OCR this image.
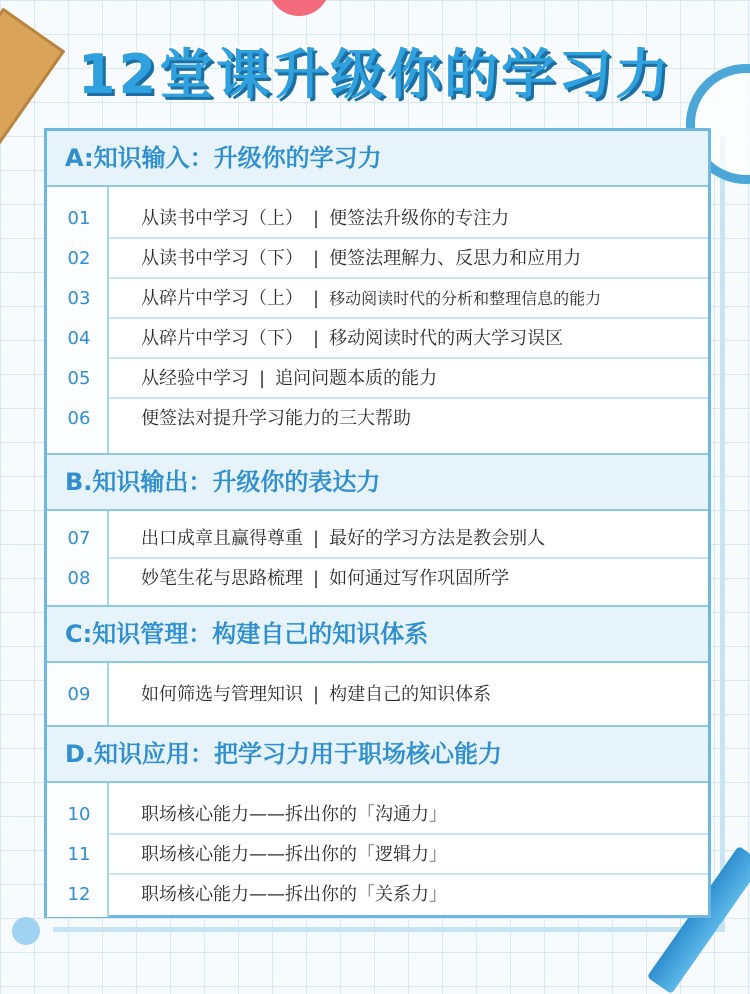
12堂课升级你的学习力
A:知识输入：升级你的学习力
01	从读书中学习（上） | 便签法升级你的专注力
02	从读书中学习（下） | 便签法理解力、反思力和应用力
03	从碎片中学习（上） | 移动阅读时代的分析和整理信息的能力
04	从碎片中学习（下） | 移动阅读时代的两大学习误区
05	从经验中学习 | 追问问题本质的能力
06	便签法对提升学习能力的三大帮助
B.知识输出：升级你的表达力
07	出口成章且赢得尊重 | 最好的学习方法是教会别人
08	妙笔生花与思路梳理 | 如何通过写作巩固所学
C:知识管理：构建自己的知识体系
09	如何筛选与管理知识 | 构建自己的知识体系
D.知识应用：把学习力用于职场核心能力
10	职场核心能力——拆出你的「沟通力」
11	职场核心能力——拆出你的「逻辑力」
12	职场核心能力——拆出你的「关系力」
